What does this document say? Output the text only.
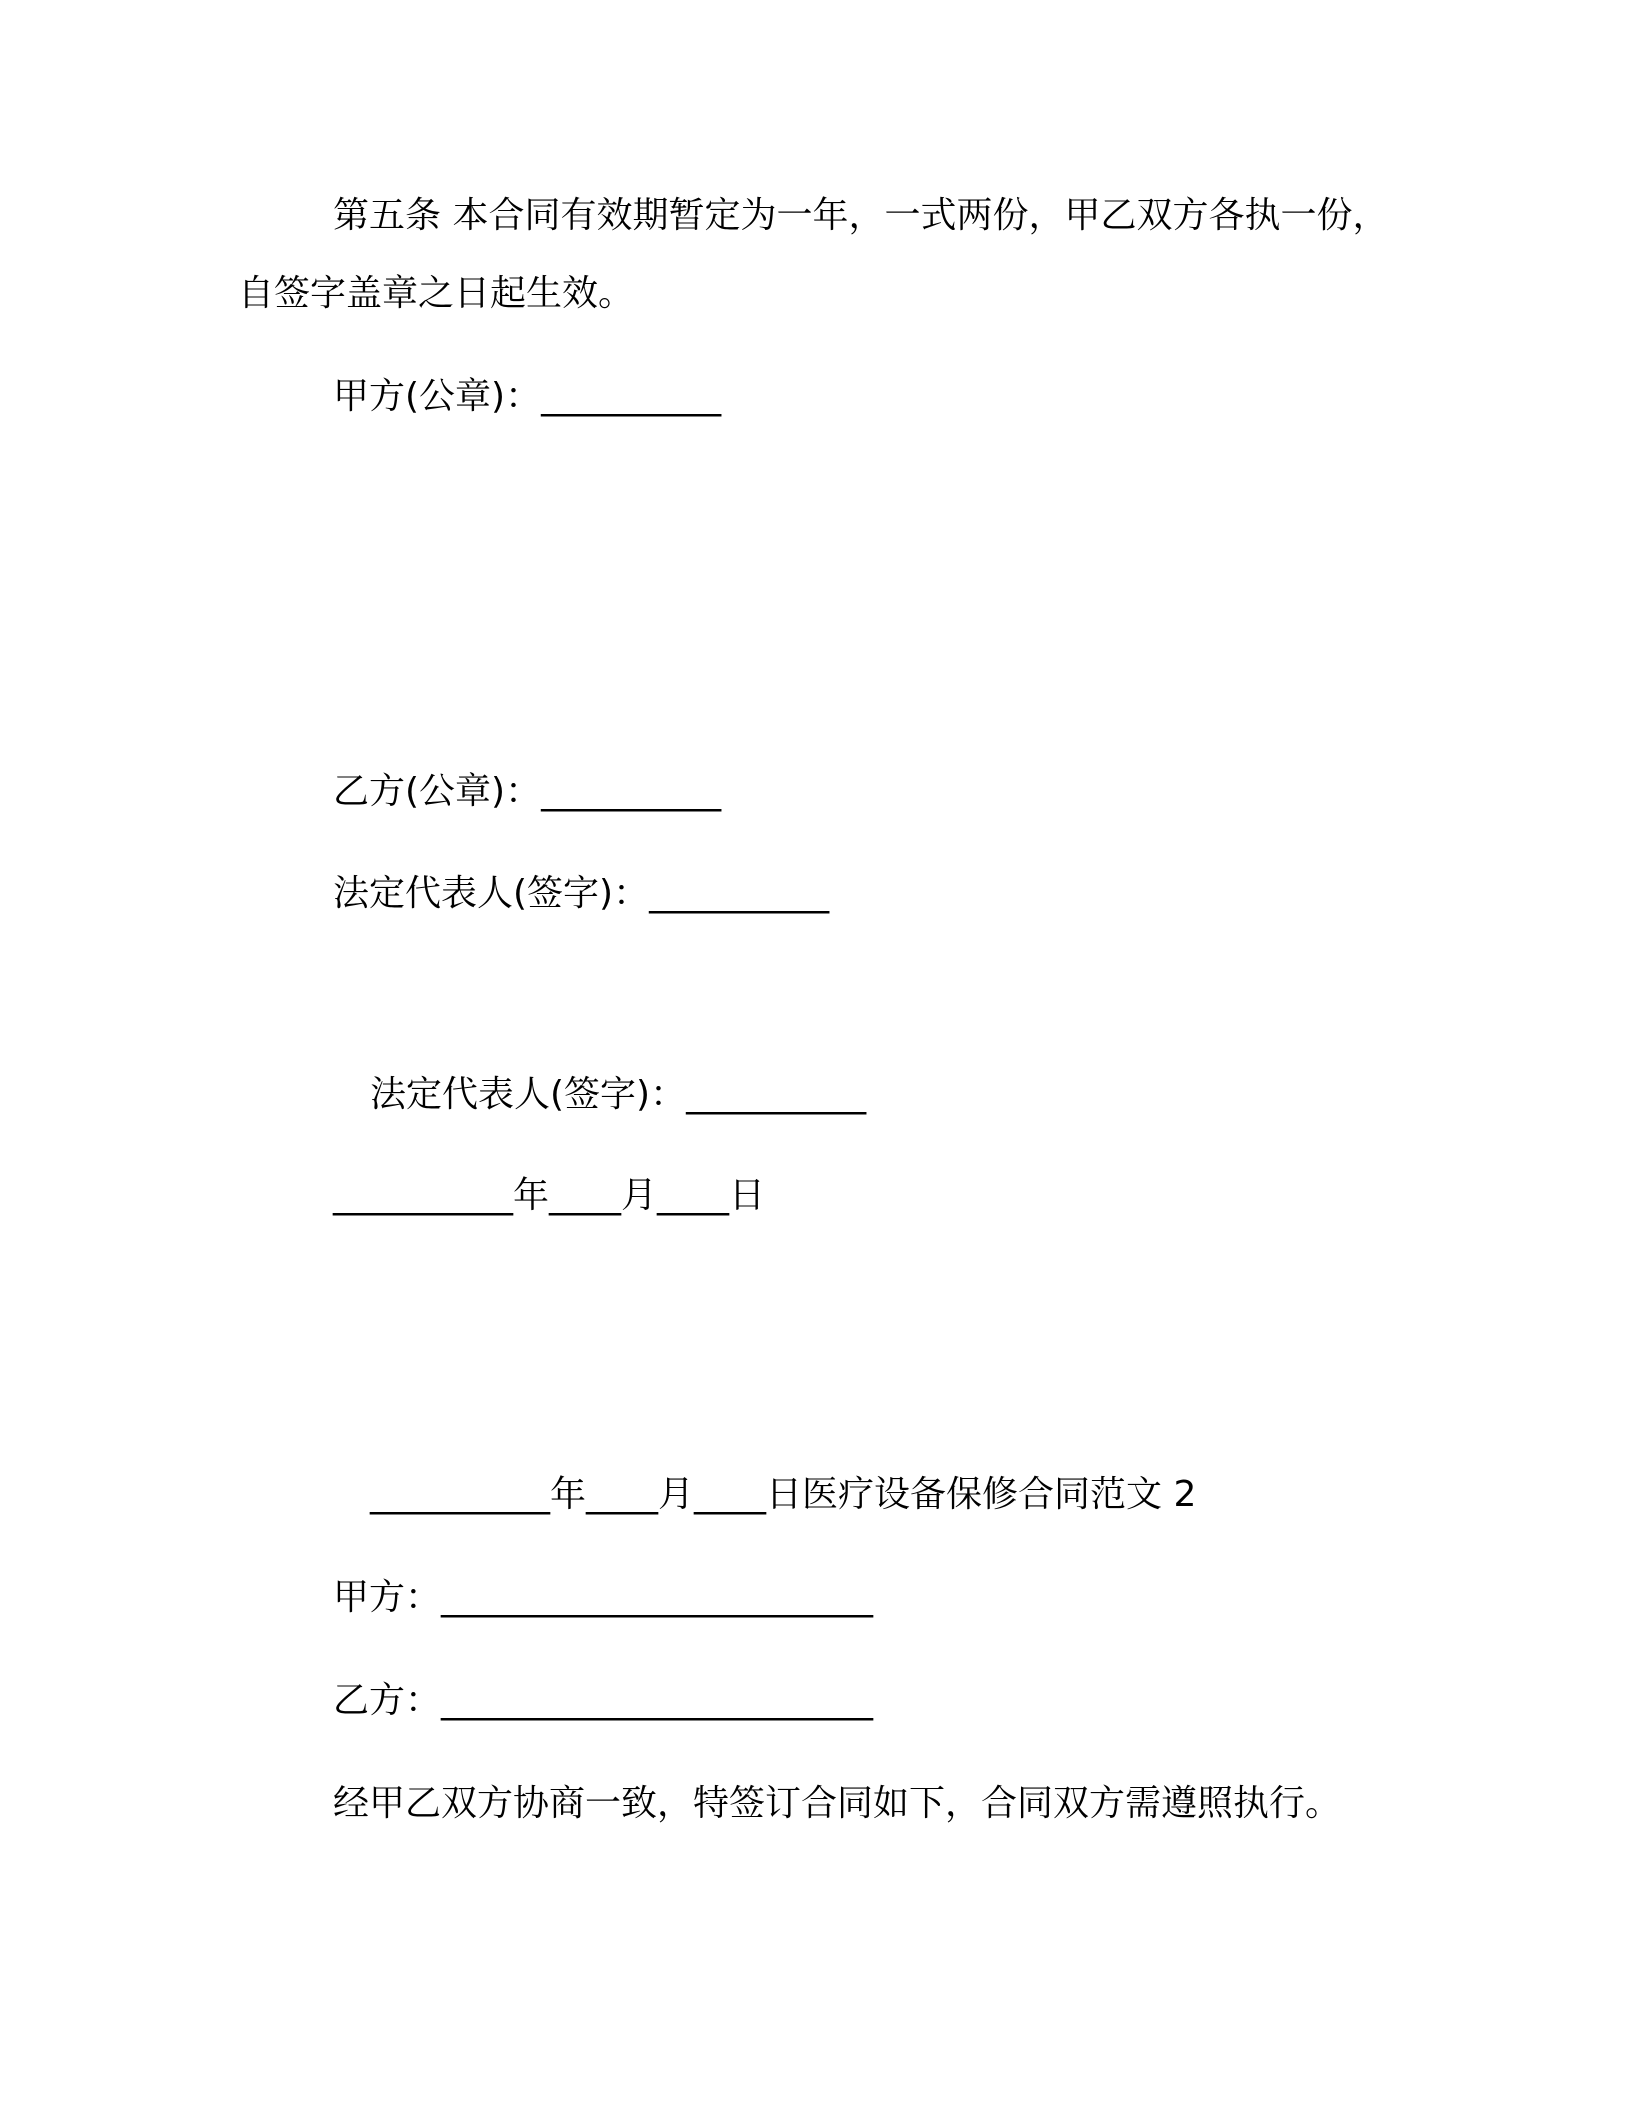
第五条 本合同有效期暂定为一年，一式两份，甲乙双方各执一份，
自签字盖章之日起生效。
甲方(公章)：__________
乙方(公章)：__________
法定代表人(签字)：__________
法定代表人(签字)：__________
__________年____月____日
__________年____月____日医疗设备保修合同范文 2
甲方：________________________
乙方：________________________
经甲乙双方协商一致，特签订合同如下，合同双方需遵照执行。
